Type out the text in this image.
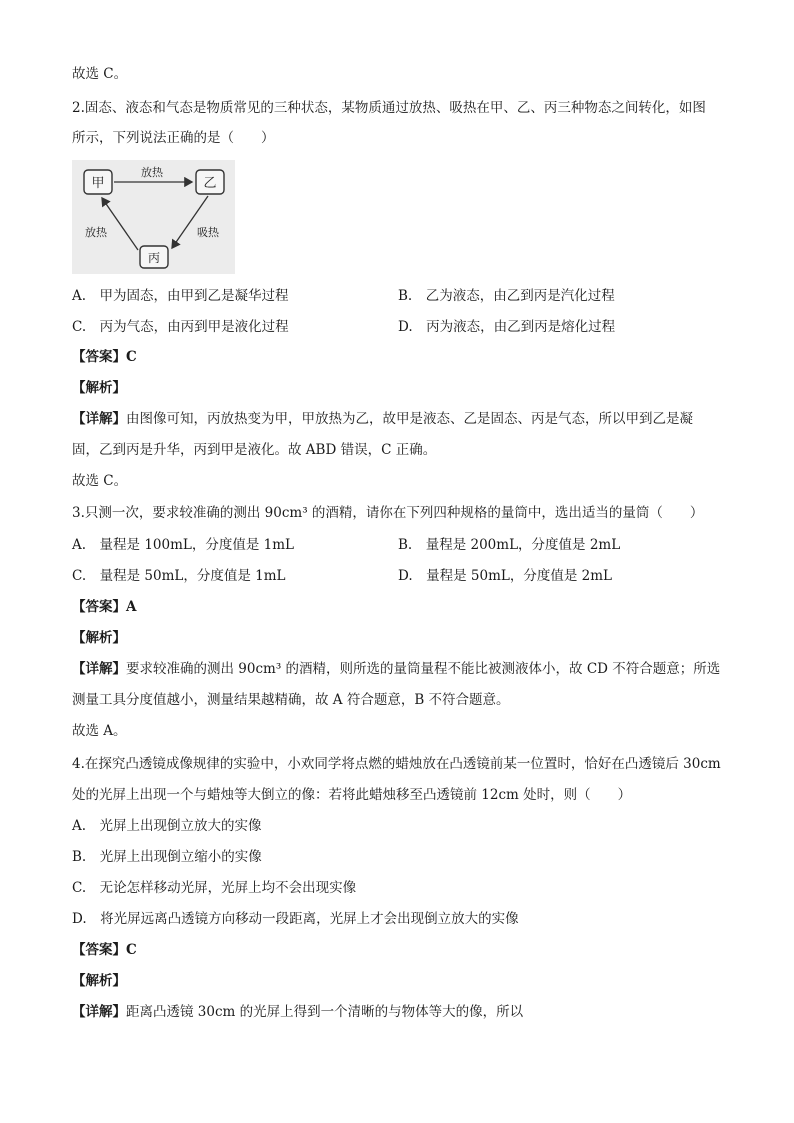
故选 C。
2.固态、液态和气态是物质常见的三种状态，某物质通过放热、吸热在甲、乙、丙三种物态之间转化，如图
所示，下列说法正确的是（　　）
甲	乙
丙
放热
放热	吸热
A.　甲为固态，由甲到乙是凝华过程	B.　乙为液态，由乙到丙是汽化过程
C.　丙为气态，由丙到甲是液化过程	D.　丙为液态，由乙到丙是熔化过程
【答案】C
【解析】
【详解】由图像可知，丙放热变为甲，甲放热为乙，故甲是液态、乙是固态、丙是气态，所以甲到乙是凝
固，乙到丙是升华，丙到甲是液化。故 ABD 错误，C 正确。
故选 C。
3.只测一次，要求较准确的测出 90cm³ 的酒精，请你在下列四种规格的量筒中，选出适当的量筒（　　）
A.　量程是 100mL，分度值是 1mL	B.　量程是 200mL，分度值是 2mL
C.　量程是 50mL，分度值是 1mL	D.　量程是 50mL，分度值是 2mL
【答案】A
【解析】
【详解】要求较准确的测出 90cm³ 的酒精，则所选的量筒量程不能比被测液体小，故 CD 不符合题意；所选
测量工具分度值越小，测量结果越精确，故 A 符合题意，B 不符合题意。
故选 A。
4.在探究凸透镜成像规律的实验中，小欢同学将点燃的蜡烛放在凸透镜前某一位置时，恰好在凸透镜后 30cm
处的光屏上出现一个与蜡烛等大倒立的像：若将此蜡烛移至凸透镜前 12cm 处时，则（　　）
A.　光屏上出现倒立放大的实像
B.　光屏上出现倒立缩小的实像
C.　无论怎样移动光屏，光屏上均不会出现实像
D.　将光屏远离凸透镜方向移动一段距离，光屏上才会出现倒立放大的实像
【答案】C
【解析】
【详解】距离凸透镜 30cm 的光屏上得到一个清晰的与物体等大的像，所以
